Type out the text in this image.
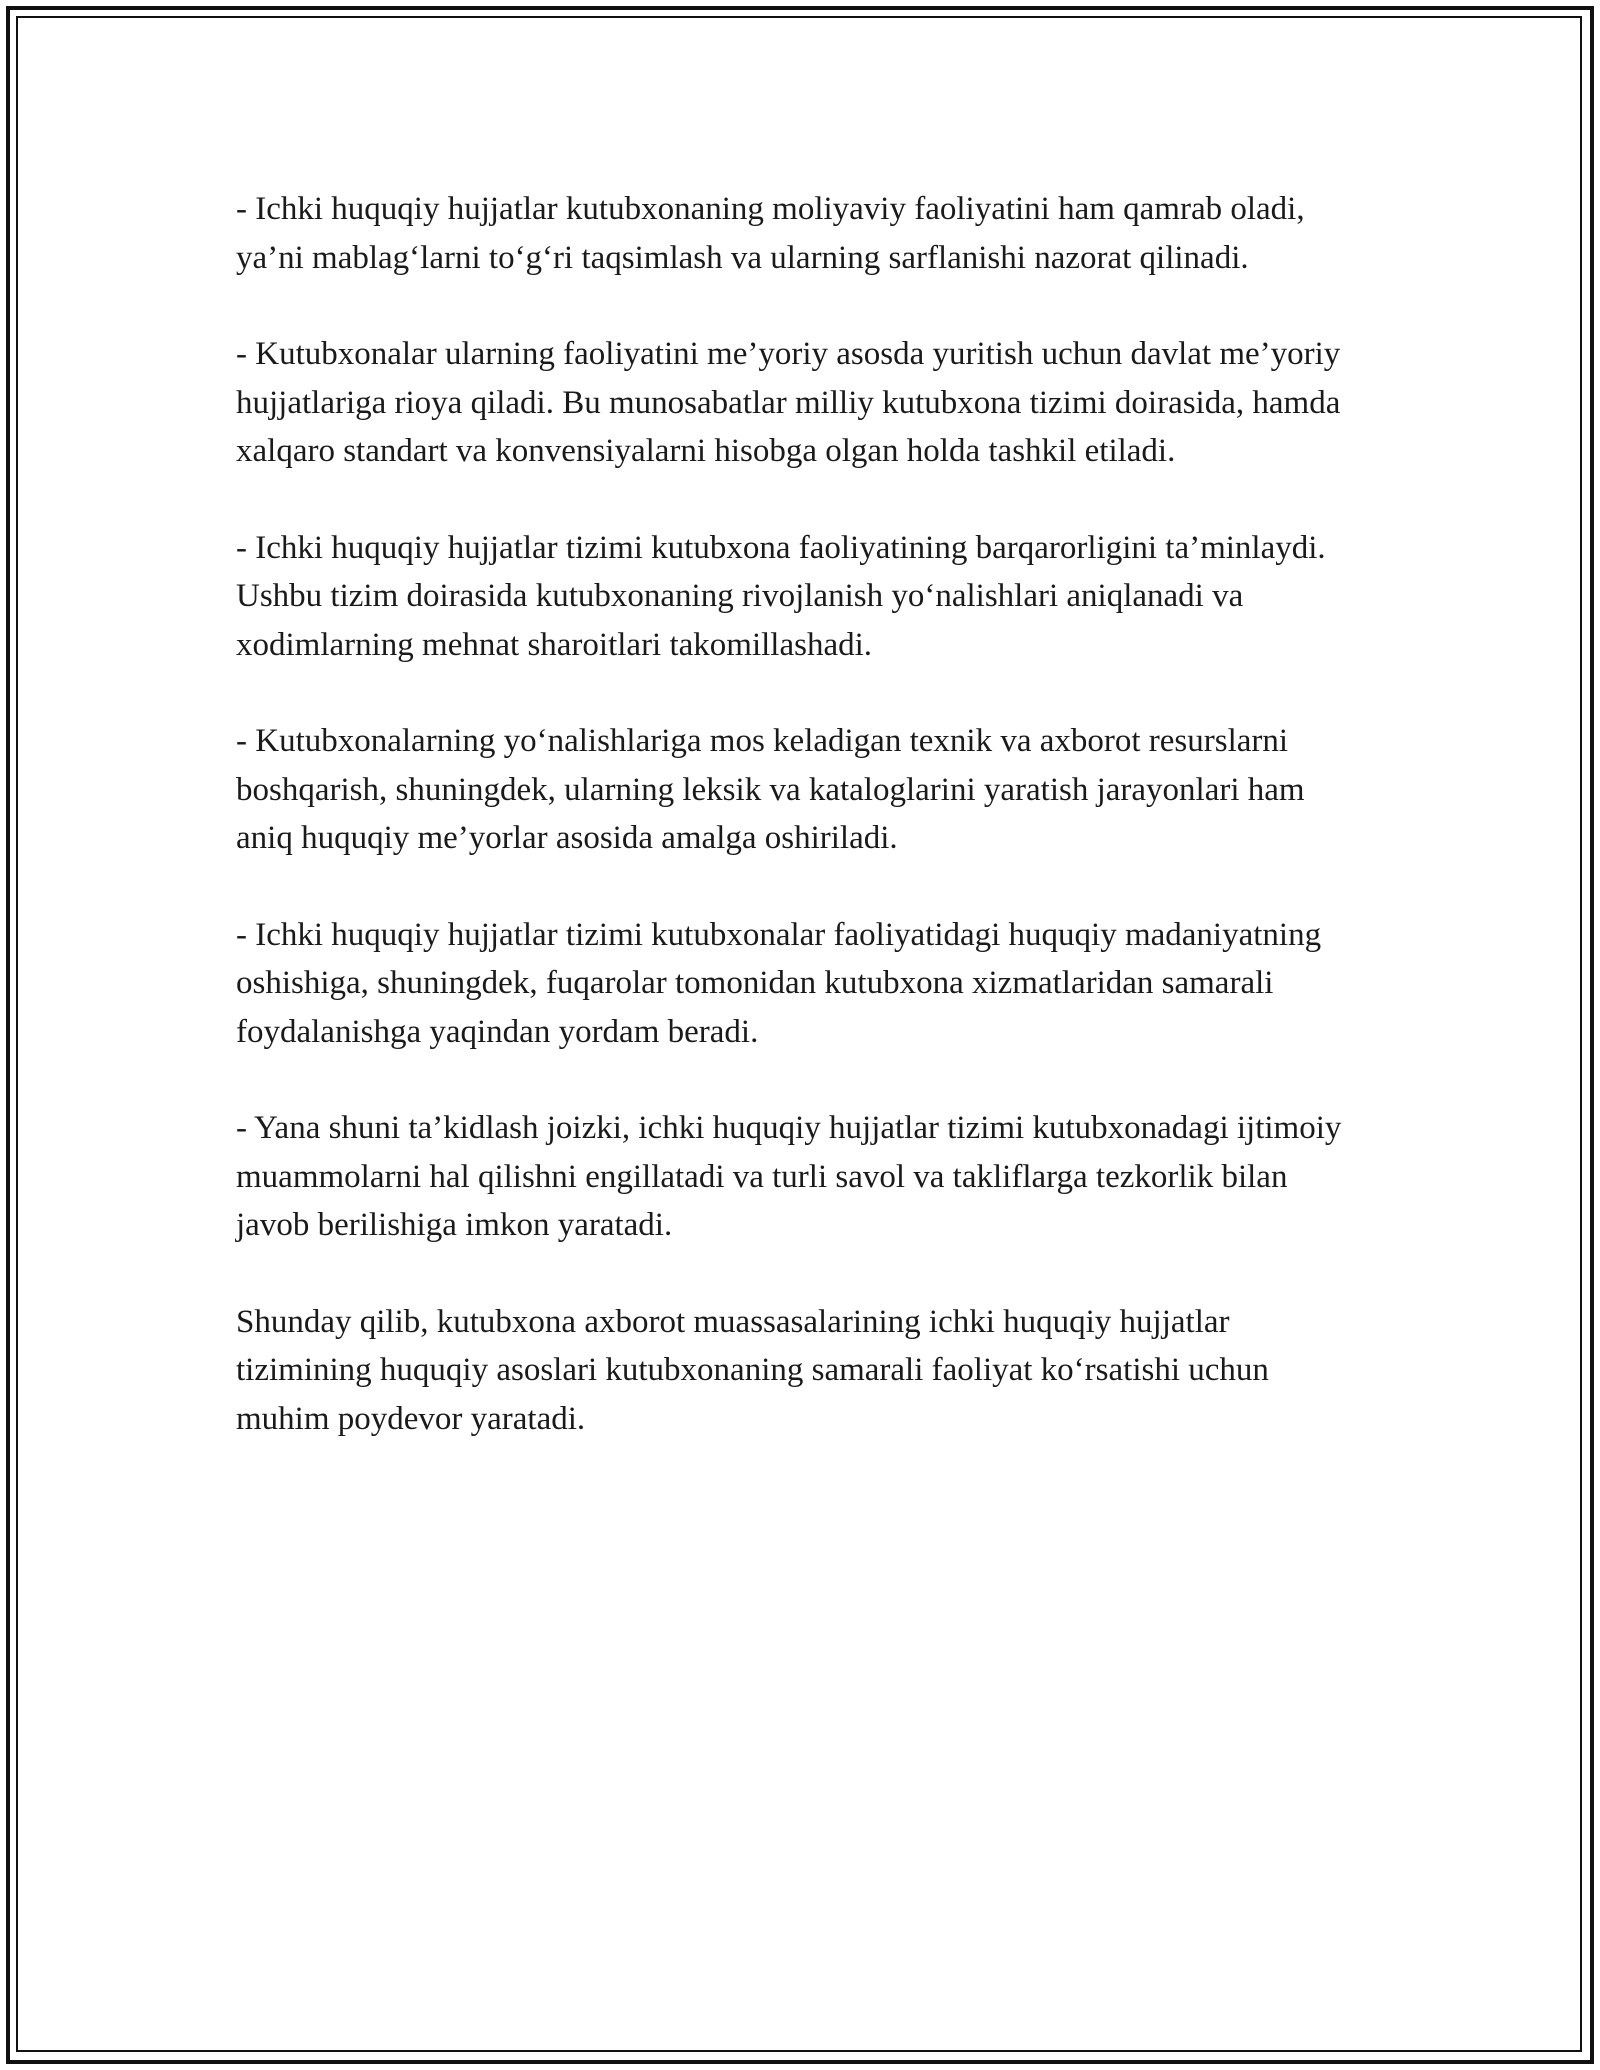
- Ichki huquqiy hujjatlar kutubxonaning moliyaviy faoliyatini ham qamrab oladi, ya’ni mablag‘larni to‘g‘ri taqsimlash va ularning sarflanishi nazorat qilinadi.

- Kutubxonalar ularning faoliyatini me’yoriy asosda yuritish uchun davlat me’yoriy hujjatlariga rioya qiladi. Bu munosabatlar milliy kutubxona tizimi doirasida, hamda xalqaro standart va konvensiyalarni hisobga olgan holda tashkil etiladi.

- Ichki huquqiy hujjatlar tizimi kutubxona faoliyatining barqarorligini ta’minlaydi. Ushbu tizim doirasida kutubxonaning rivojlanish yo‘nalishlari aniqlanadi va xodimlarning mehnat sharoitlari takomillashadi.

- Kutubxonalarning yo‘nalishlariga mos keladigan texnik va axborot resurslarni boshqarish, shuningdek, ularning leksik va kataloglarini yaratish jarayonlari ham aniq huquqiy me’yorlar asosida amalga oshiriladi.

- Ichki huquqiy hujjatlar tizimi kutubxonalar faoliyatidagi huquqiy madaniyatning oshishiga, shuningdek, fuqarolar tomonidan kutubxona xizmatlaridan samarali foydalanishga yaqindan yordam beradi.

- Yana shuni ta’kidlash joizki, ichki huquqiy hujjatlar tizimi kutubxonadagi ijtimoiy muammolarni hal qilishni engillatadi va turli savol va takliflarga tezkorlik bilan javob berilishiga imkon yaratadi.

Shunday qilib, kutubxona axborot muassasalarining ichki huquqiy hujjatlar tizimining huquqiy asoslari kutubxonaning samarali faoliyat ko‘rsatishi uchun muhim poydevor yaratadi.
